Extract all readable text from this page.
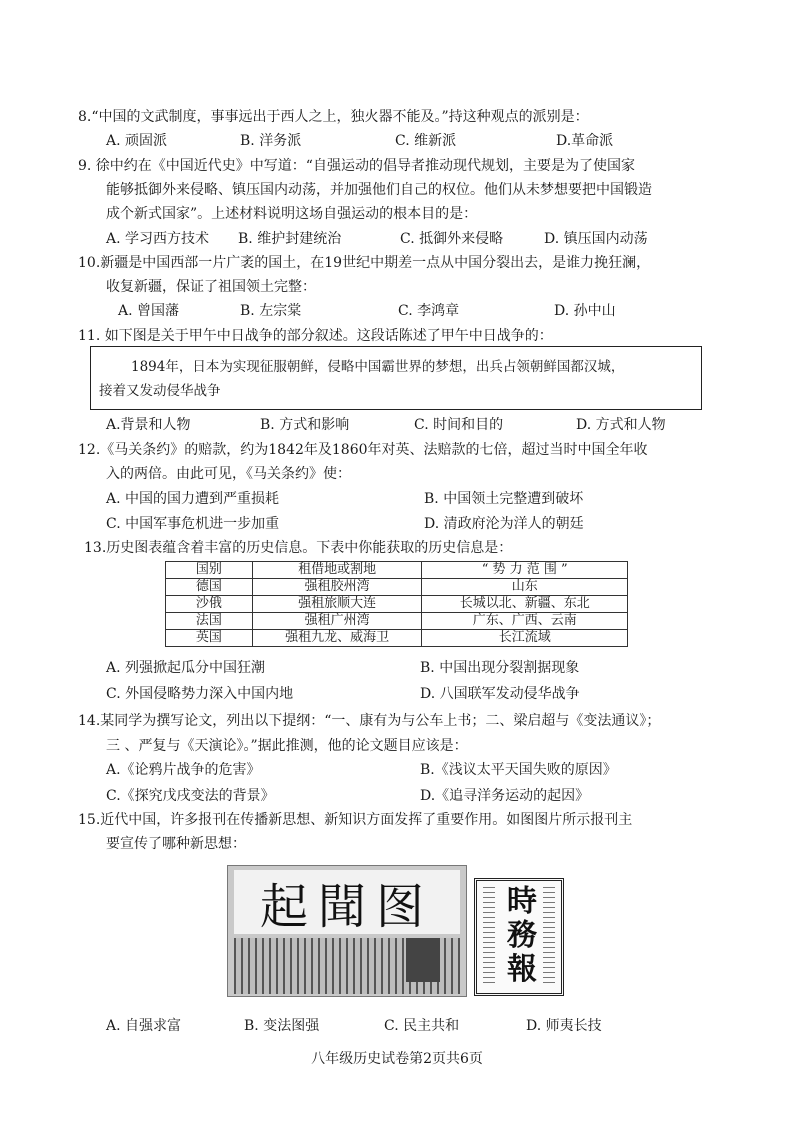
8.“中国的文武制度，事事远出于西人之上，独火器不能及。”持这种观点的派别是：
A. 顽固派	B. 洋务派	C. 维新派	D.革命派
9. 徐中约在《中国近代史》中写道：“自强运动的倡导者推动现代规划，主要是为了使国家
能够抵御外来侵略、镇压国内动荡，并加强他们自己的权位。他们从未梦想要把中国锻造
成个新式国家”。上述材料说明这场自强运动的根本目的是：
A. 学习西方技术 B. 维护封建统治	C. 抵御外来侵略	D. 镇压国内动荡
10.新疆是中国西部一片广袤的国土，在19世纪中期差一点从中国分裂出去，是谁力挽狂澜，
收复新疆，保证了祖国领土完整：
A. 曾国藩	B. 左宗棠	C. 李鸿章	D. 孙中山
11. 如下图是关于甲午中日战争的部分叙述。这段话陈述了甲午中日战争的：
1894年，日本为实现征服朝鲜，侵略中国霸世界的梦想，出兵占领朝鲜国都汉城，
接着又发动侵华战争
A.背景和人物	B. 方式和影响	C. 时间和目的	D. 方式和人物
12.《马关条约》的赔款，约为1842年及1860年对英、法赔款的七倍，超过当时中国全年收
入的两倍。由此可见，《马关条约》使：
A. 中国的国力遭到严重损耗	B. 中国领土完整遭到破坏
C. 中国军事危机进一步加重	D. 清政府沦为洋人的朝廷
13.历史图表蕴含着丰富的历史信息。下表中你能获取的历史信息是：
国别	租借地或割地	“ 势 力 范 围 ”
德国	强租胶州湾	山东
沙俄	强租旅顺大连	长城以北、新疆、东北
法国	强租广州湾	广东、广西、云南
英国	强租九龙、威海卫	长江流域
A. 列强掀起瓜分中国狂潮	B. 中国出现分裂割据现象
C. 外国侵略势力深入中国内地	D. 八国联军发动侵华战争
14.某同学为撰写论文，列出以下提纲：“一、康有为与公车上书；二、梁启超与《变法通议》；
三 、严复与《天演论》。”据此推测，他的论文题目应该是：
A.《论鸦片战争的危害》	B.《浅议太平天国失败的原因》
C.《探究戊戌变法的背景》	D.《追寻洋务运动的起因》
15.近代中国，许多报刊在传播新思想、新知识方面发挥了重要作用。如图图片所示报刊主
要宣传了哪种新思想：
起聞图	時務報
A. 自强求富	B. 变法图强	C. 民主共和	D. 师夷长技
八年级历史试卷第2页共6页
